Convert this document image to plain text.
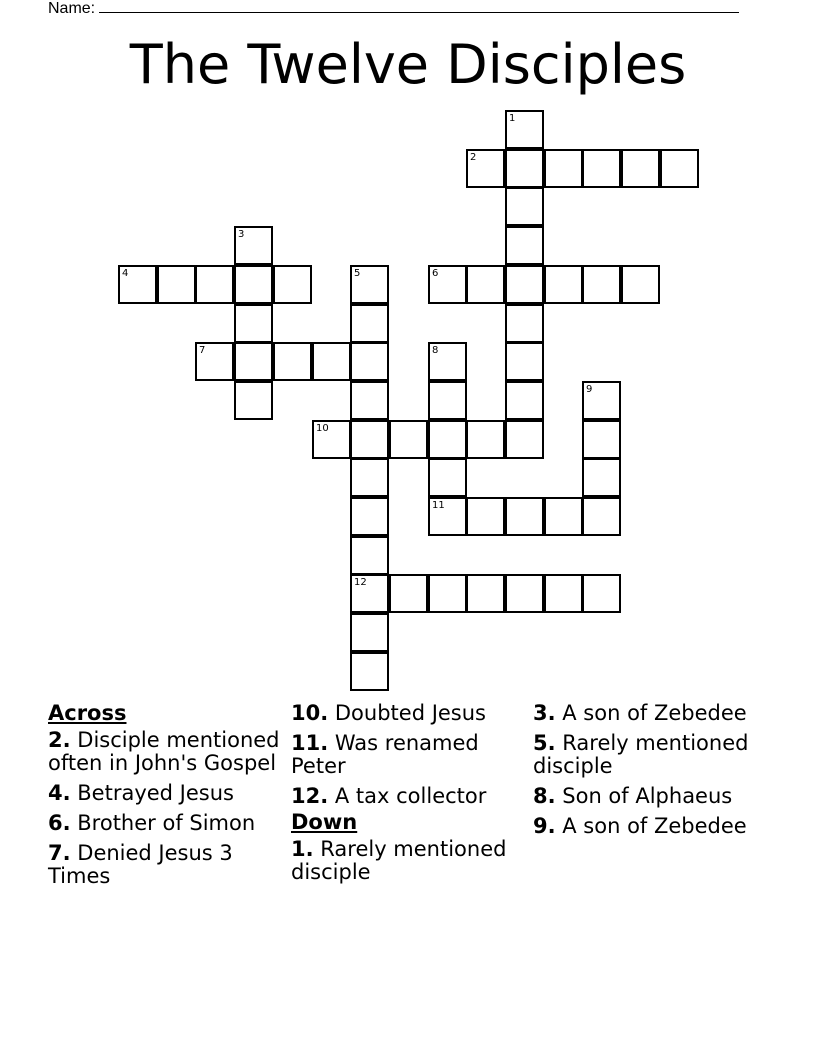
Name:
The Twelve Disciples
1
2
3
4	5	6
7	8
9
10
11
12
Across
2. Disciple mentioned often in John's Gospel
4. Betrayed Jesus
6. Brother of Simon
7. Denied Jesus 3 Times
10. Doubted Jesus
11. Was renamed Peter
12. A tax collector
Down
1. Rarely mentioned disciple
3. A son of Zebedee
5. Rarely mentioned disciple
8. Son of Alphaeus
9. A son of Zebedee
